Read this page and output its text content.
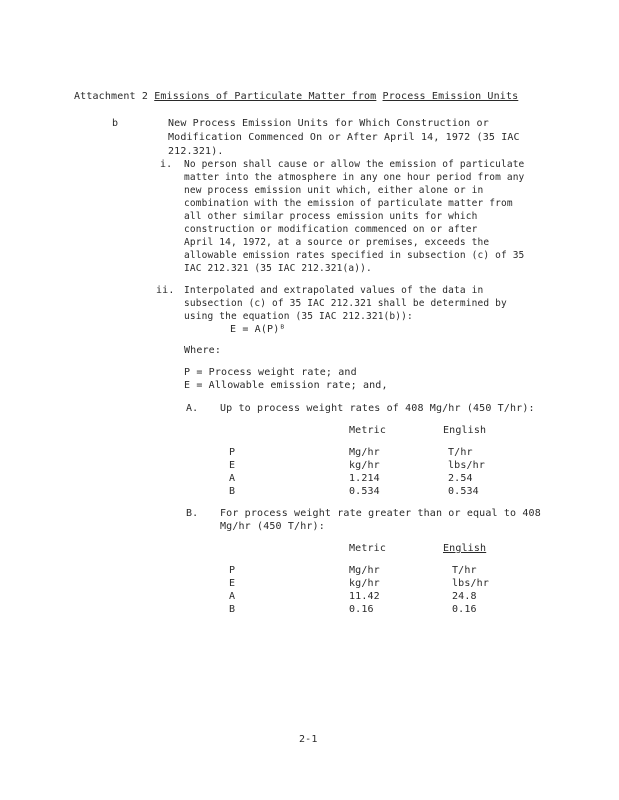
Attachment 2 Emissions of Particulate Matter from Process Emission Units
b	New Process Emission Units for Which Construction or
Modification Commenced On or After April 14, 1972 (35 IAC
212.321).
i. No person shall cause or allow the emission of particulate
matter into the atmosphere in any one hour period from any
new process emission unit which, either alone or in
combination with the emission of particulate matter from
all other similar process emission units for which
construction or modification commenced on or after
April 14, 1972, at a source or premises, exceeds the
allowable emission rates specified in subsection (c) of 35
IAC 212.321 (35 IAC 212.321(a)).
ii. Interpolated and extrapolated values of the data in
subsection (c) of 35 IAC 212.321 shall be determined by
using the equation (35 IAC 212.321(b)):
E = A(P)ᴮ
Where:
P = Process weight rate; and
E = Allowable emission rate; and,
A. Up to process weight rates of 408 Mg/hr (450 T/hr):
Metric	English
P	Mg/hr	T/hr
E	kg/hr	lbs/hr
A	1.214	2.54
B	0.534	0.534
B. For process weight rate greater than or equal to 408
Mg/hr (450 T/hr):
Metric	English
P	Mg/hr	T/hr
E	kg/hr	lbs/hr
A	11.42	24.8
B	0.16	0.16
2-1
